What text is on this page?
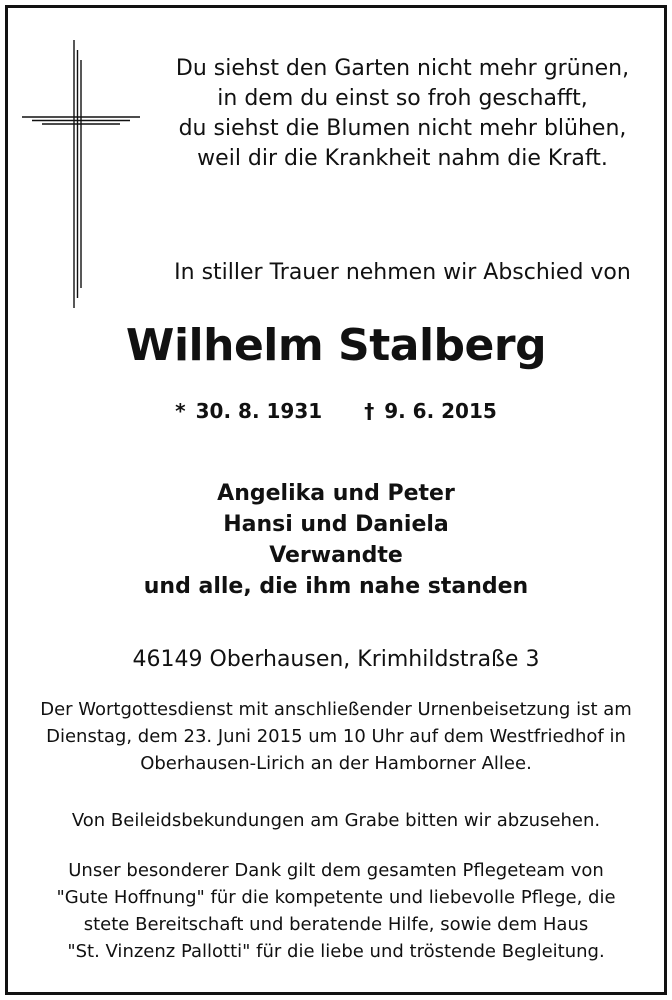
Du siehst den Garten nicht mehr grünen,
in dem du einst so froh geschafft,
du siehst die Blumen nicht mehr blühen,
weil dir die Krankheit nahm die Kraft.
In stiller Trauer nehmen wir Abschied von
Wilhelm Stalberg
* 30. 8. 1931 † 9. 6. 2015
Angelika und Peter
Hansi und Daniela
Verwandte
und alle, die ihm nahe standen
46149 Oberhausen, Krimhildstraße 3
Der Wortgottesdienst mit anschließender Urnenbeisetzung ist am
Dienstag, dem 23. Juni 2015 um 10 Uhr auf dem Westfriedhof in
Oberhausen-Lirich an der Hamborner Allee.
Von Beileidsbekundungen am Grabe bitten wir abzusehen.
Unser besonderer Dank gilt dem gesamten Pflegeteam von
"Gute Hoffnung" für die kompetente und liebevolle Pflege, die
stete Bereitschaft und beratende Hilfe, sowie dem Haus
"St. Vinzenz Pallotti" für die liebe und tröstende Begleitung.
